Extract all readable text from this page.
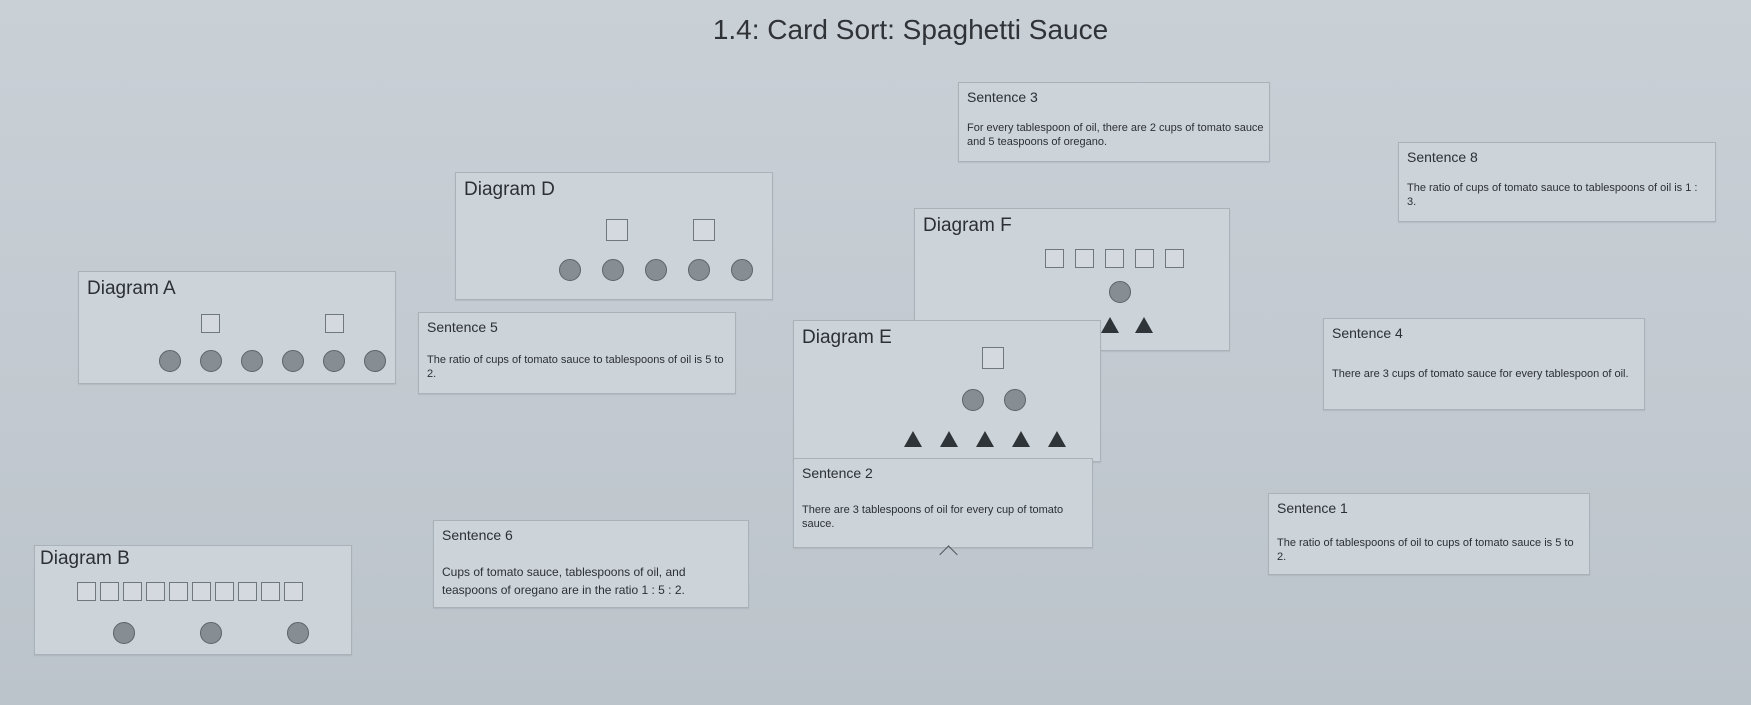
1.4: Card Sort: Spaghetti Sauce
Sentence 3
For every tablespoon of oil, there are 2 cups of tomato sauce and 5 teaspoons of oregano.
Sentence 8
The ratio of cups of tomato sauce to tablespoons of oil is 1 : 3.
Diagram D
Diagram F
Diagram A
Sentence 5
The ratio of cups of tomato sauce to tablespoons of oil is 5 to 2.
Diagram E	Sentence 4
There are 3 cups of tomato sauce for every tablespoon of oil.
Sentence 2
There are 3 tablespoons of oil for every cup of tomato sauce.
Sentence 1
The ratio of tablespoons of oil to cups of tomato sauce is 5 to 2.
Sentence 6
Cups of tomato sauce, tablespoons of oil, and teaspoons of oregano are in the ratio 1 : 5 : 2.
Diagram B
